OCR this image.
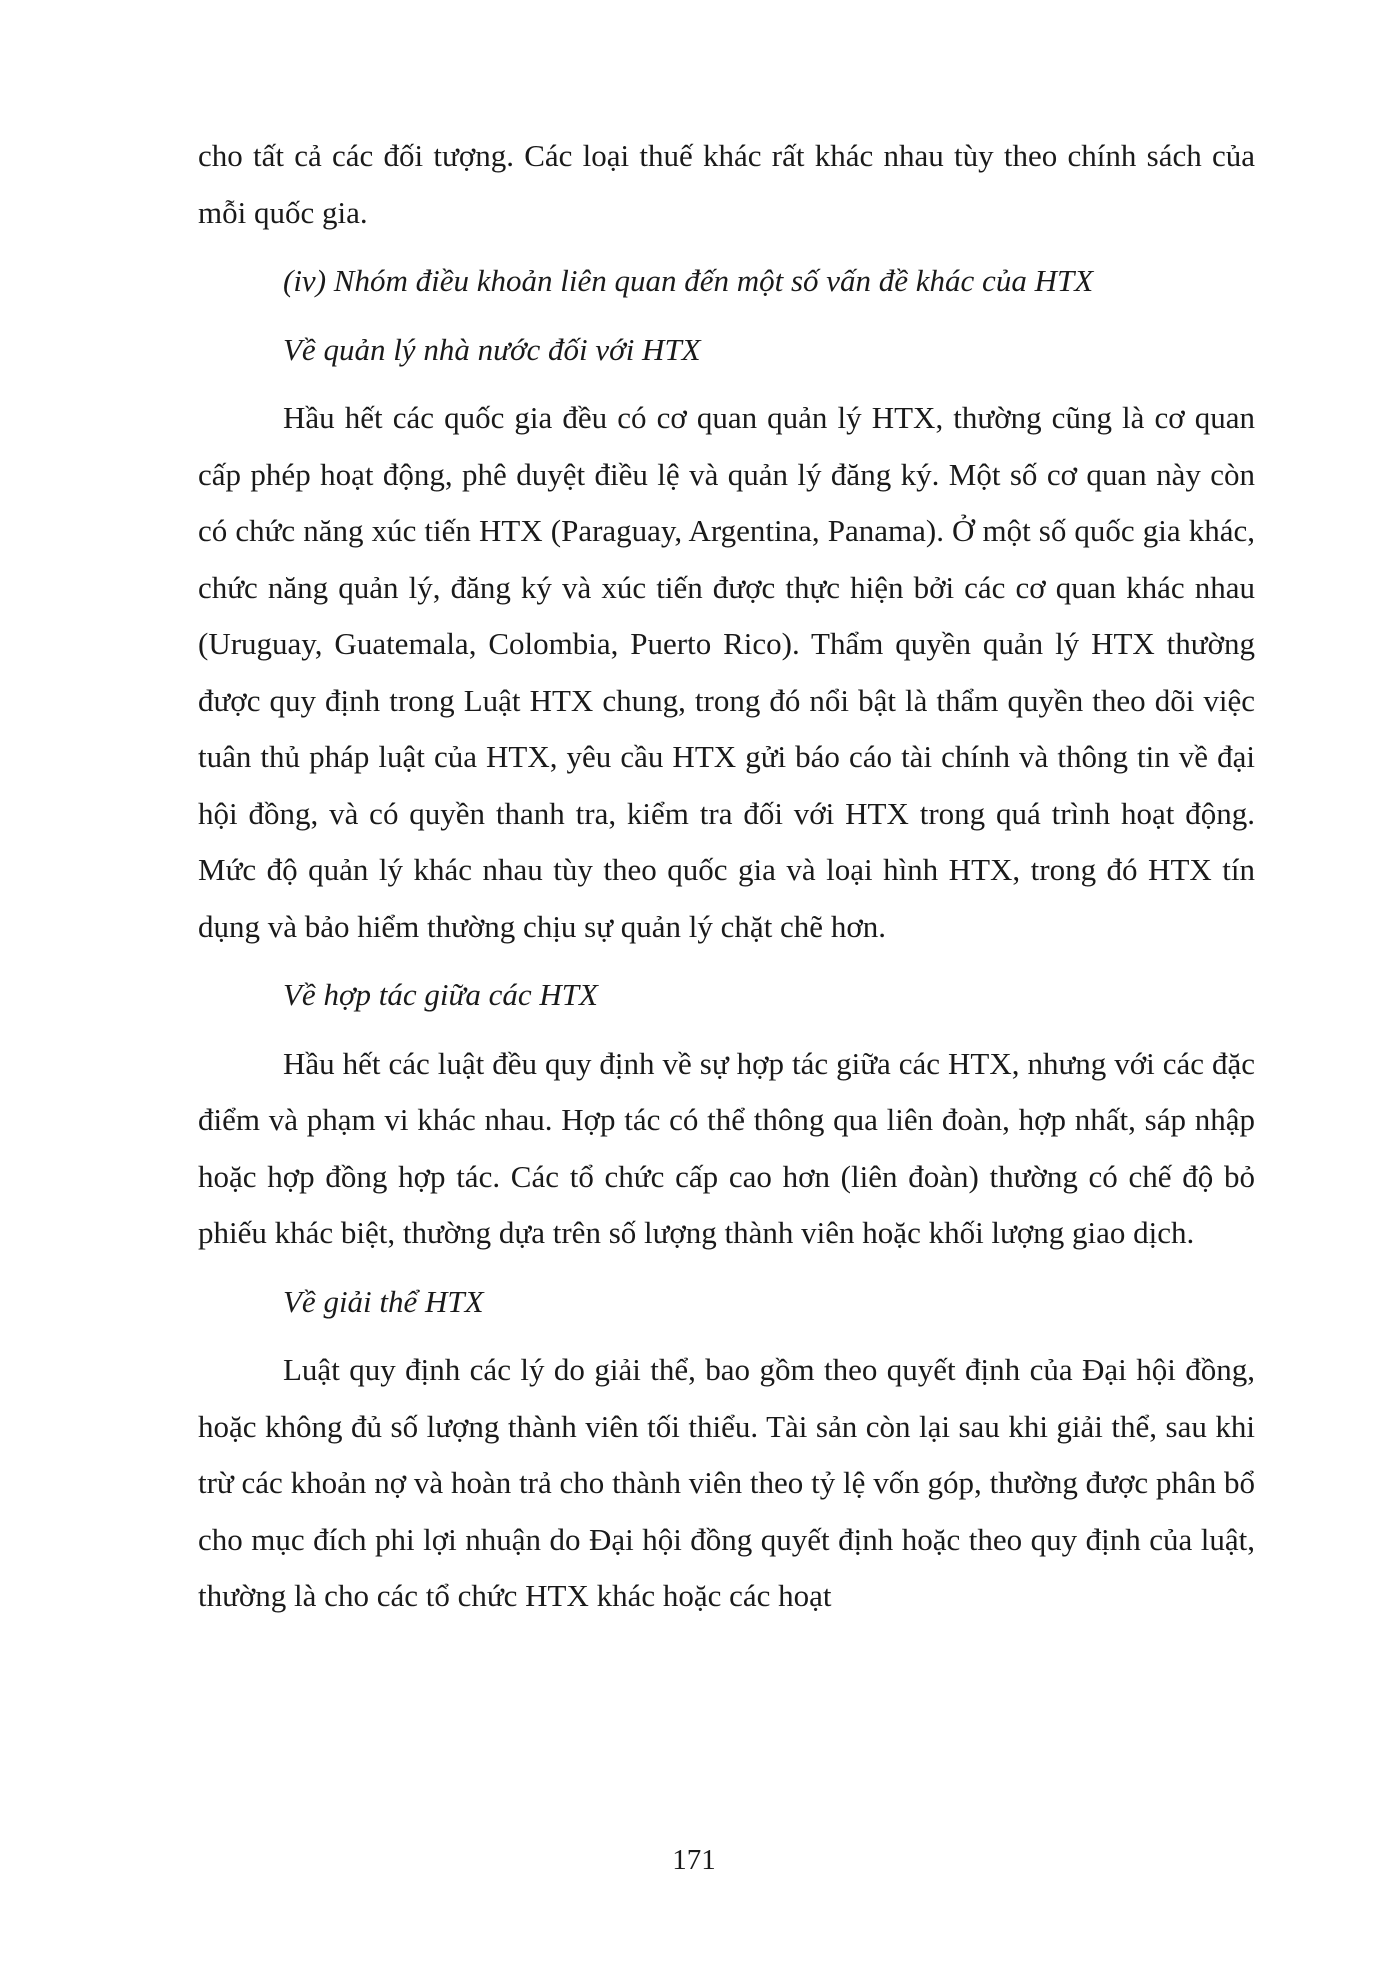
cho tất cả các đối tượng. Các loại thuế khác rất khác nhau tùy theo chính sách của mỗi quốc gia.

(iv) Nhóm điều khoản liên quan đến một số vấn đề khác của HTX

Về quản lý nhà nước đối với HTX

Hầu hết các quốc gia đều có cơ quan quản lý HTX, thường cũng là cơ quan cấp phép hoạt động, phê duyệt điều lệ và quản lý đăng ký. Một số cơ quan này còn có chức năng xúc tiến HTX (Paraguay, Argentina, Panama). Ở một số quốc gia khác, chức năng quản lý, đăng ký và xúc tiến được thực hiện bởi các cơ quan khác nhau (Uruguay, Guatemala, Colombia, Puerto Rico). Thẩm quyền quản lý HTX thường được quy định trong Luật HTX chung, trong đó nổi bật là thẩm quyền theo dõi việc tuân thủ pháp luật của HTX, yêu cầu HTX gửi báo cáo tài chính và thông tin về đại hội đồng, và có quyền thanh tra, kiểm tra đối với HTX trong quá trình hoạt động. Mức độ quản lý khác nhau tùy theo quốc gia và loại hình HTX, trong đó HTX tín dụng và bảo hiểm thường chịu sự quản lý chặt chẽ hơn.

Về hợp tác giữa các HTX

Hầu hết các luật đều quy định về sự hợp tác giữa các HTX, nhưng với các đặc điểm và phạm vi khác nhau. Hợp tác có thể thông qua liên đoàn, hợp nhất, sáp nhập hoặc hợp đồng hợp tác. Các tổ chức cấp cao hơn (liên đoàn) thường có chế độ bỏ phiếu khác biệt, thường dựa trên số lượng thành viên hoặc khối lượng giao dịch.

Về giải thể HTX

Luật quy định các lý do giải thể, bao gồm theo quyết định của Đại hội đồng, hoặc không đủ số lượng thành viên tối thiểu. Tài sản còn lại sau khi giải thể, sau khi trừ các khoản nợ và hoàn trả cho thành viên theo tỷ lệ vốn góp, thường được phân bổ cho mục đích phi lợi nhuận do Đại hội đồng quyết định hoặc theo quy định của luật, thường là cho các tổ chức HTX khác hoặc các hoạt

171
